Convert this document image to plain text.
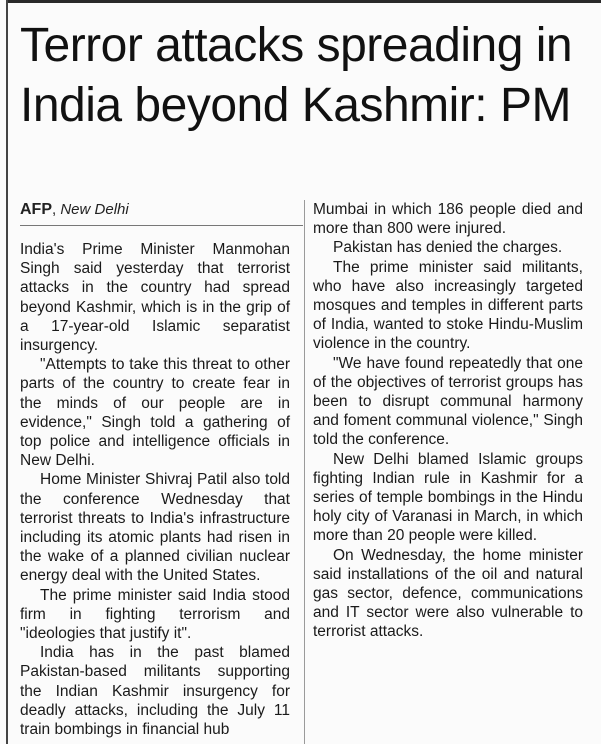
Terror attacks spreading in India beyond Kashmir: PM
AFP, New Delhi

India's Prime Minister Manmohan Singh said yesterday that terrorist attacks in the country had spread beyond Kashmir, which is in the grip of a 17-year-old Islamic separatist insurgency.

"Attempts to take this threat to other parts of the country to create fear in the minds of our people are in evidence," Singh told a gathering of top police and intelligence officials in New Delhi.

Home Minister Shivraj Patil also told the conference Wednesday that terrorist threats to India's infrastructure including its atomic plants had risen in the wake of a planned civilian nuclear energy deal with the United States.

The prime minister said India stood firm in fighting terrorism and "ideologies that justify it".

India has in the past blamed Pakistan-based militants supporting the Indian Kashmir insurgency for deadly attacks, including the July 11 train bombings in financial hub

Mumbai in which 186 people died and more than 800 were injured.

Pakistan has denied the charges.

The prime minister said militants, who have also increasingly targeted mosques and temples in different parts of India, wanted to stoke Hindu-Muslim violence in the country.

"We have found repeatedly that one of the objectives of terrorist groups has been to disrupt communal harmony and foment communal violence," Singh told the conference.

New Delhi blamed Islamic groups fighting Indian rule in Kashmir for a series of temple bombings in the Hindu holy city of Varanasi in March, in which more than 20 people were killed.

On Wednesday, the home minister said installations of the oil and natural gas sector, defence, communications and IT sector were also vulnerable to terrorist attacks.
